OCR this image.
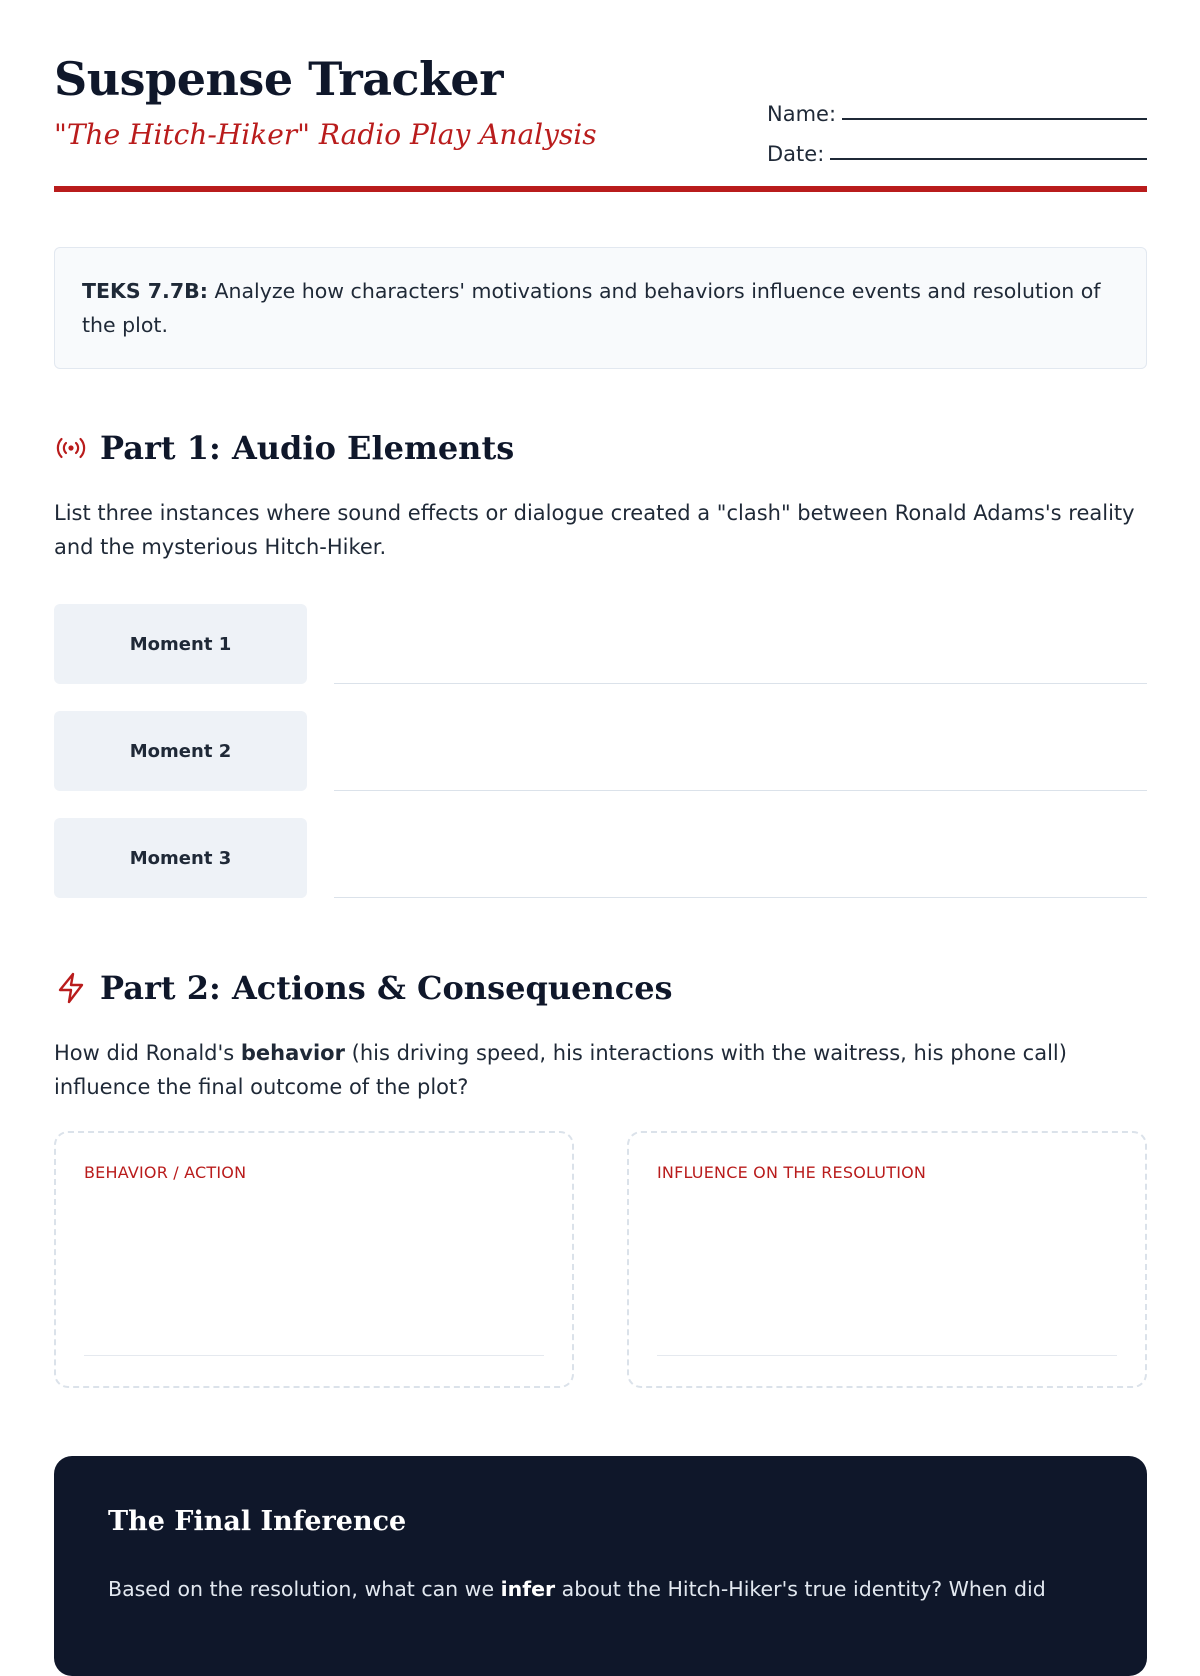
Suspense Tracker
"The Hitch-Hiker" Radio Play Analysis
Name:
Date:
TEKS 7.7B: Analyze how characters' motivations and behaviors influence events and resolution of the plot.
Part 1: Audio Elements
List three instances where sound effects or dialogue created a "clash" between Ronald Adams's reality and the mysterious Hitch-Hiker.
Moment 1
Moment 2
Moment 3
Part 2: Actions & Consequences
How did Ronald's behavior (his driving speed, his interactions with the waitress, his phone call) influence the final outcome of the plot?
BEHAVIOR / ACTION	INFLUENCE ON THE RESOLUTION
The Final Inference
Based on the resolution, what can we infer about the Hitch-Hiker's true identity? When did
